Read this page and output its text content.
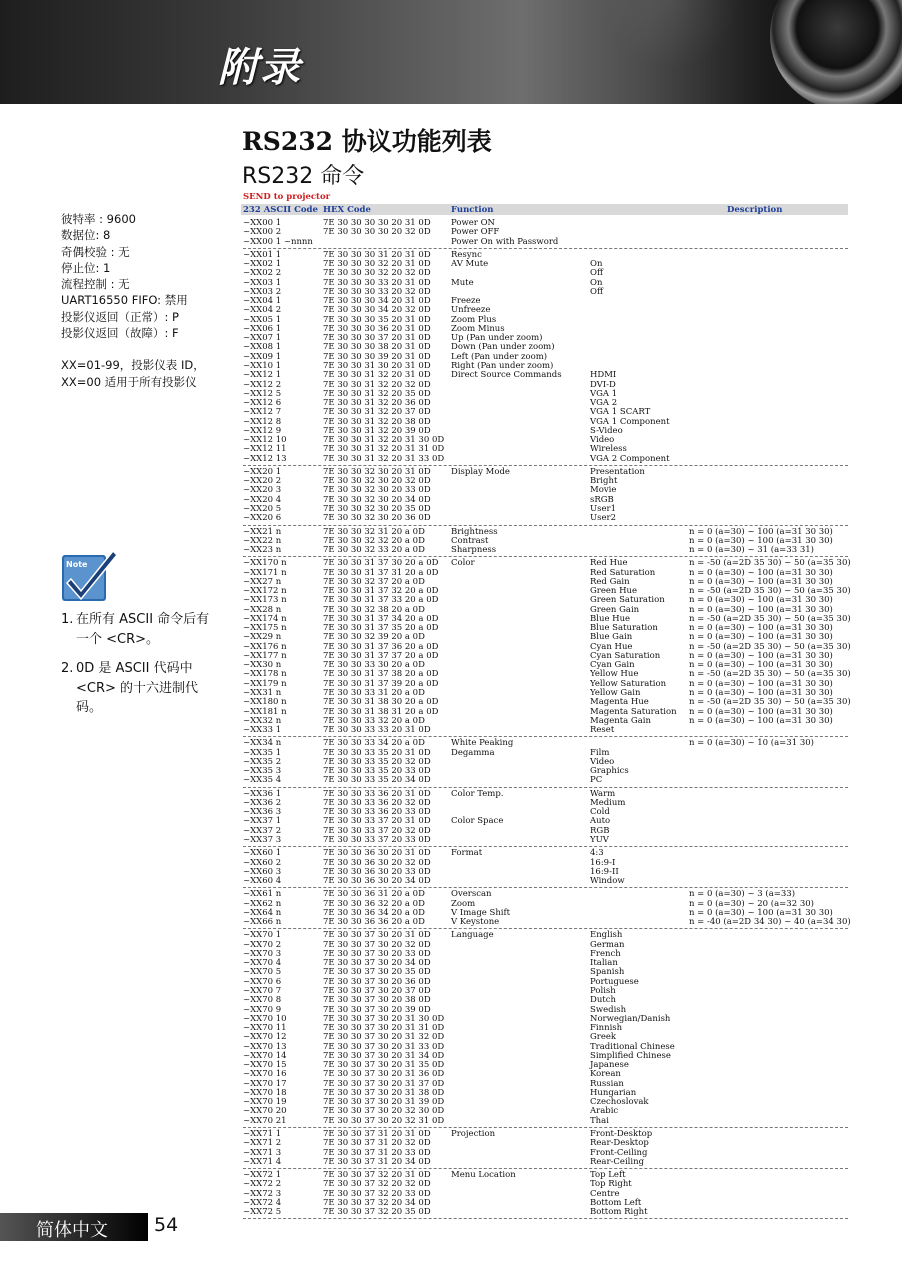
附录
RS232 协议功能列表
RS232 命令
SEND to projector
232 ASCII Code HEX Code	Function	Description
~XX00 1	7E 30 30 30 30 20 31 0D Power ON
~XX00 2	7E 30 30 30 30 20 32 0D Power OFF
~XX00 1 ~nnnn	Power On with Password
~XX01 1	7E 30 30 30 31 20 31 0D Resync
~XX02 1	7E 30 30 30 32 20 31 0D AV Mute	On
~XX02 2	7E 30 30 30 32 20 32 0D	Off
~XX03 1	7E 30 30 30 33 20 31 0D Mute	On
~XX03 2	7E 30 30 30 33 20 32 0D	Off
~XX04 1	7E 30 30 30 34 20 31 0D Freeze
~XX04 2	7E 30 30 30 34 20 32 0D Unfreeze
~XX05 1	7E 30 30 30 35 20 31 0D Zoom Plus
~XX06 1	7E 30 30 30 36 20 31 0D Zoom Minus
~XX07 1	7E 30 30 30 37 20 31 0D Up (Pan under zoom)
~XX08 1	7E 30 30 30 38 20 31 0D Down (Pan under zoom)
~XX09 1	7E 30 30 30 39 20 31 0D Left (Pan under zoom)
~XX10 1	7E 30 30 31 30 20 31 0D Right (Pan under zoom)
~XX12 1	7E 30 30 31 32 20 31 0D Direct Source Commands	HDMI
~XX12 2	7E 30 30 31 32 20 32 0D	DVI-D
~XX12 5	7E 30 30 31 32 20 35 0D	VGA 1
~XX12 6	7E 30 30 31 32 20 36 0D	VGA 2
~XX12 7	7E 30 30 31 32 20 37 0D	VGA 1 SCART
~XX12 8	7E 30 30 31 32 20 38 0D	VGA 1 Component
~XX12 9	7E 30 30 31 32 20 39 0D	S-Video
~XX12 10	7E 30 30 31 32 20 31 30 0D	Video
~XX12 11	7E 30 30 31 32 20 31 31 0D	Wireless
~XX12 13	7E 30 30 31 32 20 31 33 0D	VGA 2 Component
~XX20 1	7E 30 30 32 30 20 31 0D Display Mode	Presentation
~XX20 2	7E 30 30 32 30 20 32 0D	Bright
~XX20 3	7E 30 30 32 30 20 33 0D	Movie
~XX20 4	7E 30 30 32 30 20 34 0D	sRGB
~XX20 5	7E 30 30 32 30 20 35 0D	User1
~XX20 6	7E 30 30 32 30 20 36 0D	User2
~XX21 n	7E 30 30 32 31 20 a 0D	Brightness	n = 0 (a=30) ~ 100 (a=31 30 30)
~XX22 n	7E 30 30 32 32 20 a 0D	Contrast	n = 0 (a=30) ~ 100 (a=31 30 30)
~XX23 n	7E 30 30 32 33 20 a 0D	Sharpness	n = 0 (a=30) ~ 31 (a=33 31)
~XX170 n	7E 30 30 31 37 30 20 a 0D Color	Red Hue	n = -50 (a=2D 35 30) ~ 50 (a=35 30)
~XX171 n	7E 30 30 31 37 31 20 a 0D	Red Saturation	n = 0 (a=30) ~ 100 (a=31 30 30)
~XX27 n	7E 30 30 32 37 20 a 0D	Red Gain	n = 0 (a=30) ~ 100 (a=31 30 30)
~XX172 n	7E 30 30 31 37 32 20 a 0D	Green Hue	n = -50 (a=2D 35 30) ~ 50 (a=35 30)
~XX173 n	7E 30 30 31 37 33 20 a 0D	Green Saturation	n = 0 (a=30) ~ 100 (a=31 30 30)
~XX28 n	7E 30 30 32 38 20 a 0D	Green Gain	n = 0 (a=30) ~ 100 (a=31 30 30)
~XX174 n	7E 30 30 31 37 34 20 a 0D	Blue Hue	n = -50 (a=2D 35 30) ~ 50 (a=35 30)
~XX175 n	7E 30 30 31 37 35 20 a 0D	Blue Saturation	n = 0 (a=30) ~ 100 (a=31 30 30)
~XX29 n	7E 30 30 32 39 20 a 0D	Blue Gain	n = 0 (a=30) ~ 100 (a=31 30 30)
~XX176 n	7E 30 30 31 37 36 20 a 0D	Cyan Hue	n = -50 (a=2D 35 30) ~ 50 (a=35 30)
~XX177 n	7E 30 30 31 37 37 20 a 0D	Cyan Saturation	n = 0 (a=30) ~ 100 (a=31 30 30)
~XX30 n	7E 30 30 33 30 20 a 0D	Cyan Gain	n = 0 (a=30) ~ 100 (a=31 30 30)
~XX178 n	7E 30 30 31 37 38 20 a 0D	Yellow Hue	n = -50 (a=2D 35 30) ~ 50 (a=35 30)
~XX179 n	7E 30 30 31 37 39 20 a 0D	Yellow Saturation	n = 0 (a=30) ~ 100 (a=31 30 30)
~XX31 n	7E 30 30 33 31 20 a 0D	Yellow Gain	n = 0 (a=30) ~ 100 (a=31 30 30)
~XX180 n	7E 30 30 31 38 30 20 a 0D	Magenta Hue	n = -50 (a=2D 35 30) ~ 50 (a=35 30)
~XX181 n	7E 30 30 31 38 31 20 a 0D	Magenta Saturation n = 0 (a=30) ~ 100 (a=31 30 30)
~XX32 n	7E 30 30 33 32 20 a 0D	Magenta Gain	n = 0 (a=30) ~ 100 (a=31 30 30)
~XX33 1	7E 30 30 33 33 20 31 0D	Reset
~XX34 n	7E 30 30 33 34 20 a 0D	White Peaking	n = 0 (a=30) ~ 10 (a=31 30)
~XX35 1	7E 30 30 33 35 20 31 0D Degamma	Film
~XX35 2	7E 30 30 33 35 20 32 0D	Video
~XX35 3	7E 30 30 33 35 20 33 0D	Graphics
~XX35 4	7E 30 30 33 35 20 34 0D	PC
~XX36 1	7E 30 30 33 36 20 31 0D Color Temp.	Warm
~XX36 2	7E 30 30 33 36 20 32 0D	Medium
~XX36 3	7E 30 30 33 36 20 33 0D	Cold
~XX37 1	7E 30 30 33 37 20 31 0D Color Space	Auto
~XX37 2	7E 30 30 33 37 20 32 0D	RGB
~XX37 3	7E 30 30 33 37 20 33 0D	YUV
~XX60 1	7E 30 30 36 30 20 31 0D Format	4:3
~XX60 2	7E 30 30 36 30 20 32 0D	16:9-I
~XX60 3	7E 30 30 36 30 20 33 0D	16:9-II
~XX60 4	7E 30 30 36 30 20 34 0D	Window
~XX61 n	7E 30 30 36 31 20 a 0D	Overscan	n = 0 (a=30) ~ 3 (a=33)
~XX62 n	7E 30 30 36 32 20 a 0D	Zoom	n = 0 (a=30) ~ 20 (a=32 30)
~XX64 n	7E 30 30 36 34 20 a 0D	V Image Shift	n = 0 (a=30) ~ 100 (a=31 30 30)
~XX66 n	7E 30 30 36 36 20 a 0D	V Keystone	n = -40 (a=2D 34 30) ~ 40 (a=34 30)
~XX70 1	7E 30 30 37 30 20 31 0D Language	English
~XX70 2	7E 30 30 37 30 20 32 0D	German
~XX70 3	7E 30 30 37 30 20 33 0D	French
~XX70 4	7E 30 30 37 30 20 34 0D	Italian
~XX70 5	7E 30 30 37 30 20 35 0D	Spanish
~XX70 6	7E 30 30 37 30 20 36 0D	Portuguese
~XX70 7	7E 30 30 37 30 20 37 0D	Polish
~XX70 8	7E 30 30 37 30 20 38 0D	Dutch
~XX70 9	7E 30 30 37 30 20 39 0D	Swedish
~XX70 10	7E 30 30 37 30 20 31 30 0D	Norwegian/Danish
~XX70 11	7E 30 30 37 30 20 31 31 0D	Finnish
~XX70 12	7E 30 30 37 30 20 31 32 0D	Greek
~XX70 13	7E 30 30 37 30 20 31 33 0D	Traditional Chinese
~XX70 14	7E 30 30 37 30 20 31 34 0D	Simplified Chinese
~XX70 15	7E 30 30 37 30 20 31 35 0D	Japanese
~XX70 16	7E 30 30 37 30 20 31 36 0D	Korean
~XX70 17	7E 30 30 37 30 20 31 37 0D	Russian
~XX70 18	7E 30 30 37 30 20 31 38 0D	Hungarian
~XX70 19	7E 30 30 37 30 20 31 39 0D	Czechoslovak
~XX70 20	7E 30 30 37 30 20 32 30 0D	Arabic
~XX70 21	7E 30 30 37 30 20 32 31 0D	Thai
~XX71 1	7E 30 30 37 31 20 31 0D Projection	Front-Desktop
~XX71 2	7E 30 30 37 31 20 32 0D	Rear-Desktop
~XX71 3	7E 30 30 37 31 20 33 0D	Front-Ceiling
~XX71 4	7E 30 30 37 31 20 34 0D	Rear-Ceiling
~XX72 1	7E 30 30 37 32 20 31 0D Menu Location	Top Left
~XX72 2	7E 30 30 37 32 20 32 0D	Top Right
~XX72 3	7E 30 30 37 32 20 33 0D	Centre
~XX72 4	7E 30 30 37 32 20 34 0D	Bottom Left
~XX72 5	7E 30 30 37 32 20 35 0D	Bottom Right
彼特率 : 9600
数据位: 8
奇偶校验 : 无
停止位: 1
流程控制 : 无
UART16550 FIFO: 禁用
投影仪返回（正常）: P
投影仪返回（故障）: F
XX=01-99，投影仪表 ID，
XX=00 适用于所有投影仪
Note
1. 在所有 ASCII 命令后有一个 <CR>。
2. 0D 是 ASCII 代码中 <CR> 的十六进制代码。
简体中文 54
